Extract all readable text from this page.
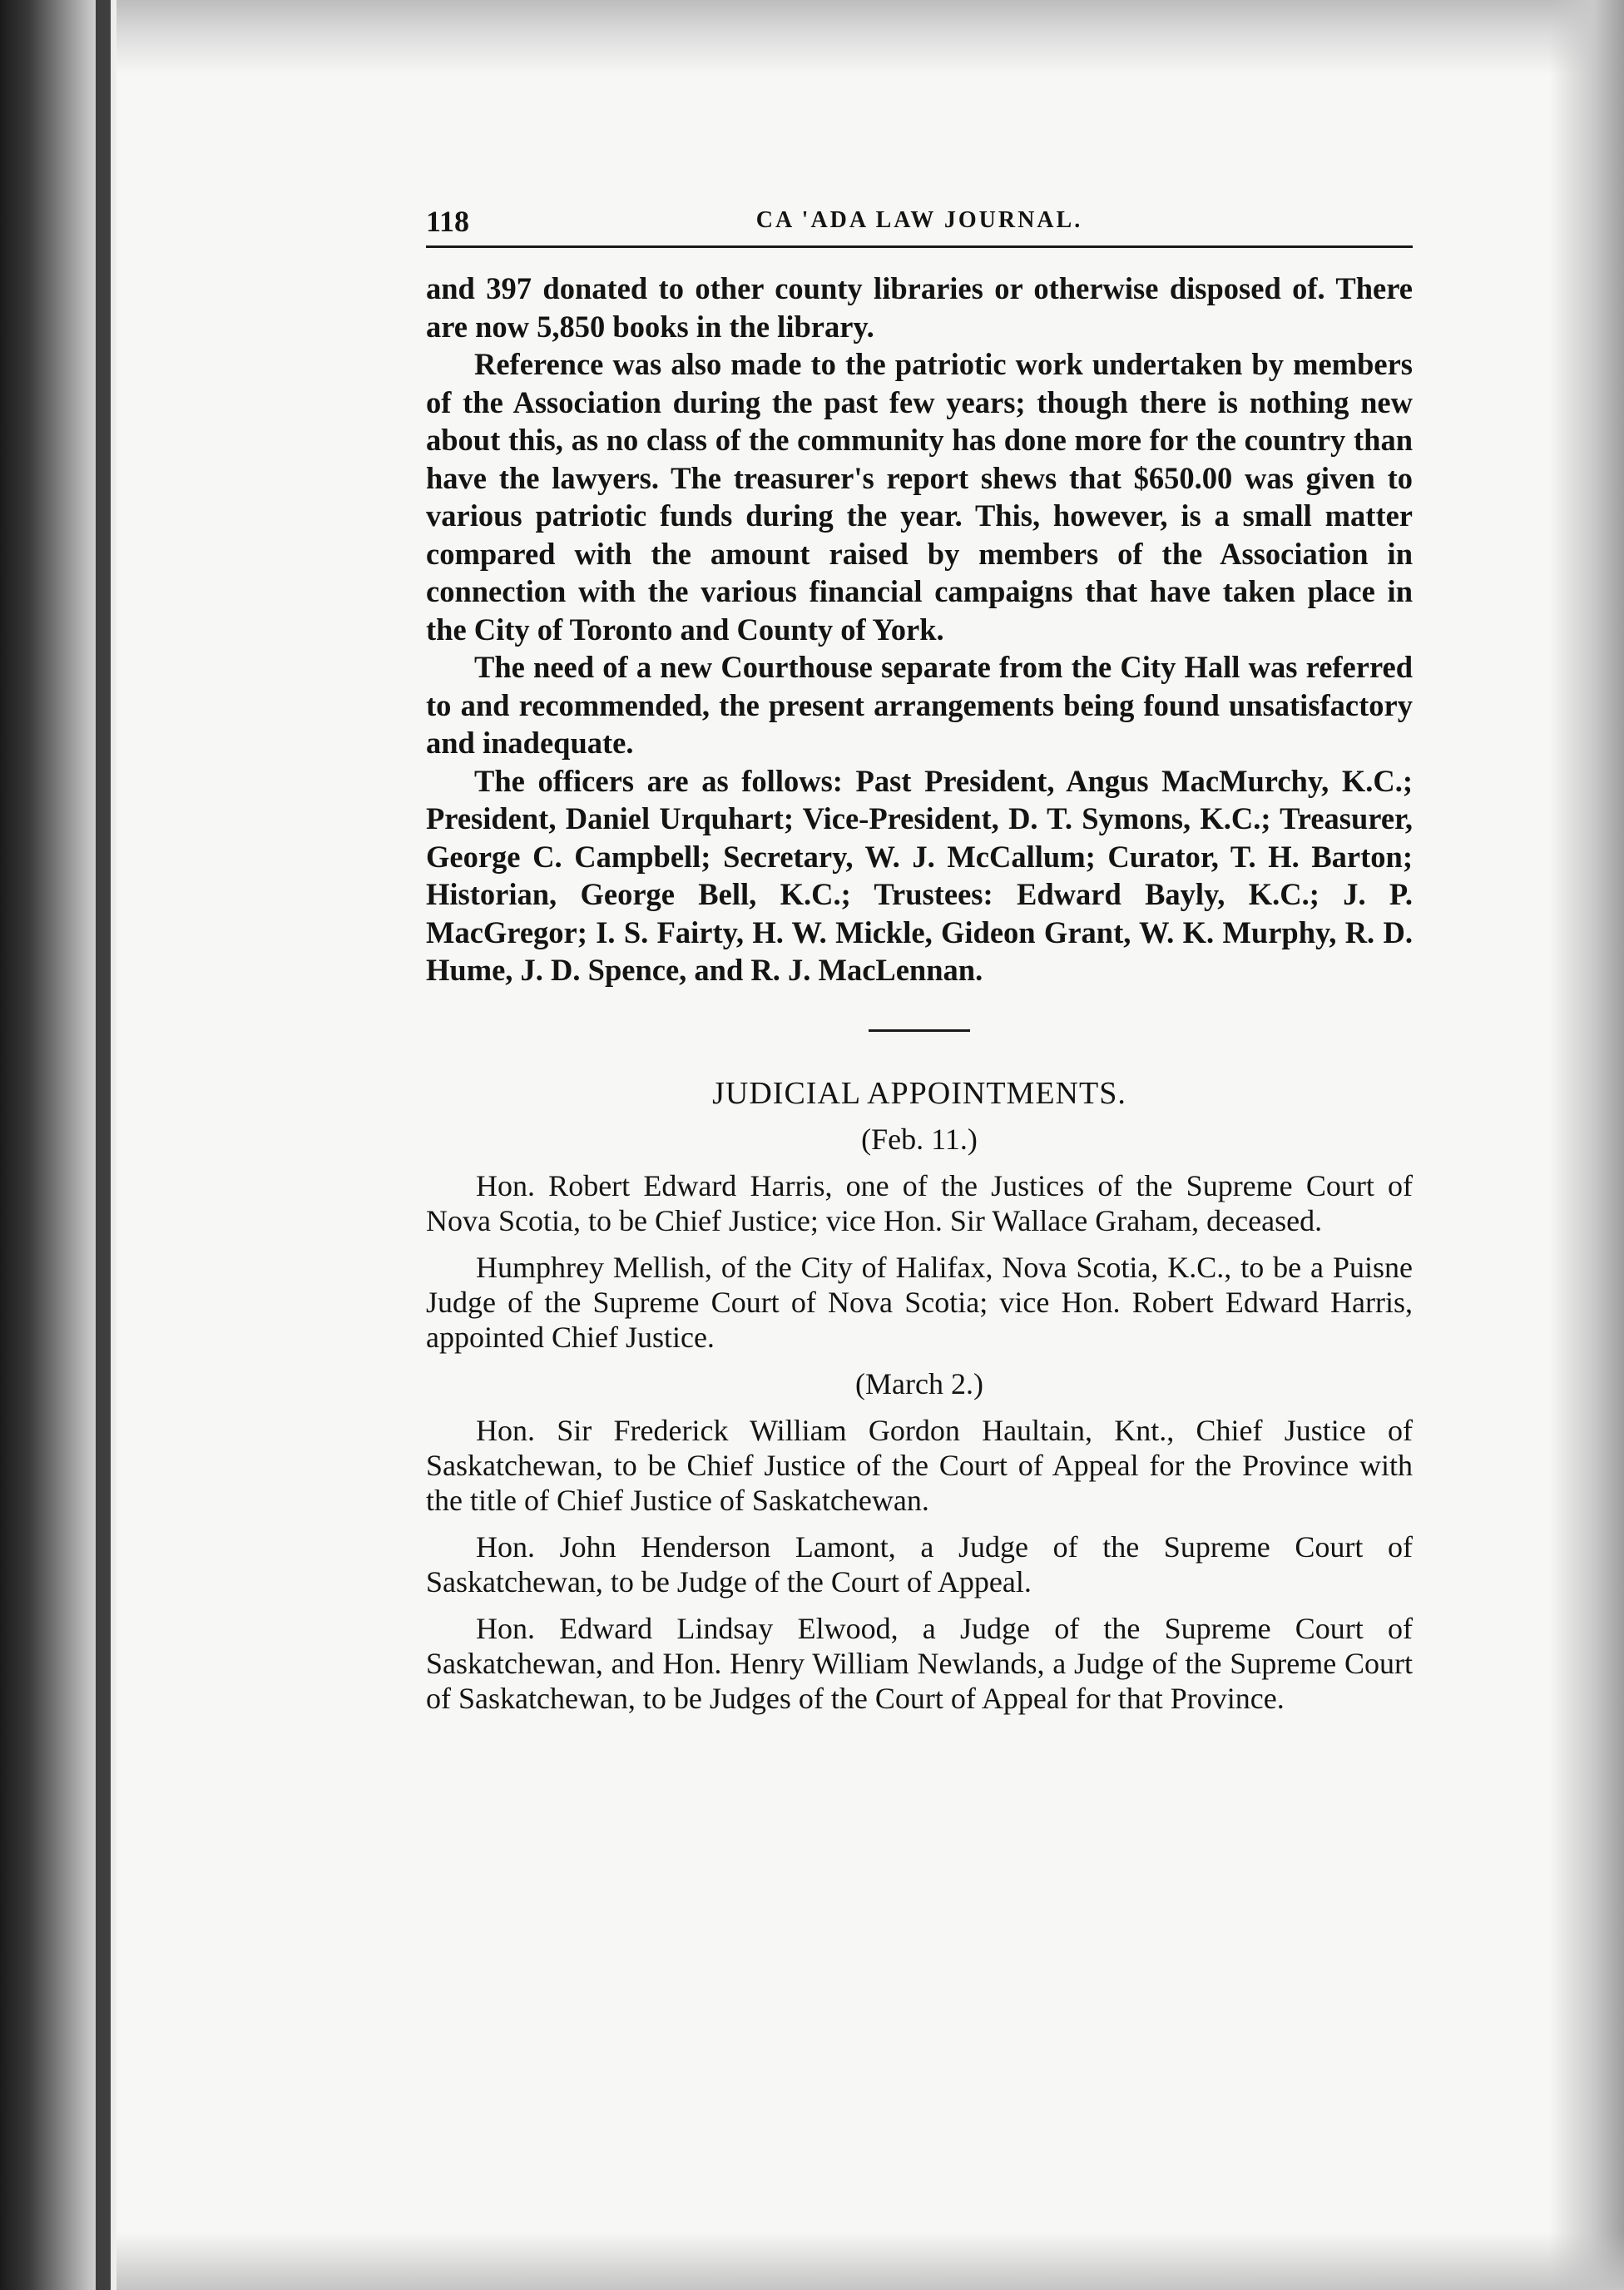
118	CA 'ADA LAW JOURNAL.

and 397 donated to other county libraries or otherwise disposed of. There are now 5,850 books in the library.

Reference was also made to the patriotic work undertaken by members of the Association during the past few years; though there is nothing new about this, as no class of the community has done more for the country than have the lawyers. The treasurer's report shews that $650.00 was given to various patriotic funds during the year. This, however, is a small matter compared with the amount raised by members of the Association in connection with the various financial campaigns that have taken place in the City of Toronto and County of York.

The need of a new Courthouse separate from the City Hall was referred to and recommended, the present arrangements being found unsatisfactory and inadequate.

The officers are as follows: Past President, Angus MacMurchy, K.C.; President, Daniel Urquhart; Vice-President, D. T. Symons, K.C.; Treasurer, George C. Campbell; Secretary, W. J. McCallum; Curator, T. H. Barton; Historian, George Bell, K.C.; Trustees: Edward Bayly, K.C.; J. P. MacGregor; I. S. Fairty, H. W. Mickle, Gideon Grant, W. K. Murphy, R. D. Hume, J. D. Spence, and R. J. MacLennan.

JUDICIAL APPOINTMENTS.
(Feb. 11.)

Hon. Robert Edward Harris, one of the Justices of the Supreme Court of Nova Scotia, to be Chief Justice; vice Hon. Sir Wallace Graham, deceased.

Humphrey Mellish, of the City of Halifax, Nova Scotia, K.C., to be a Puisne Judge of the Supreme Court of Nova Scotia; vice Hon. Robert Edward Harris, appointed Chief Justice.

(March 2.)

Hon. Sir Frederick William Gordon Haultain, Knt., Chief Justice of Saskatchewan, to be Chief Justice of the Court of Appeal for the Province with the title of Chief Justice of Saskatchewan.

Hon. John Henderson Lamont, a Judge of the Supreme Court of Saskatchewan, to be Judge of the Court of Appeal.

Hon. Edward Lindsay Elwood, a Judge of the Supreme Court of Saskatchewan, and Hon. Henry William Newlands, a Judge of the Supreme Court of Saskatchewan, to be Judges of the Court of Appeal for that Province.
